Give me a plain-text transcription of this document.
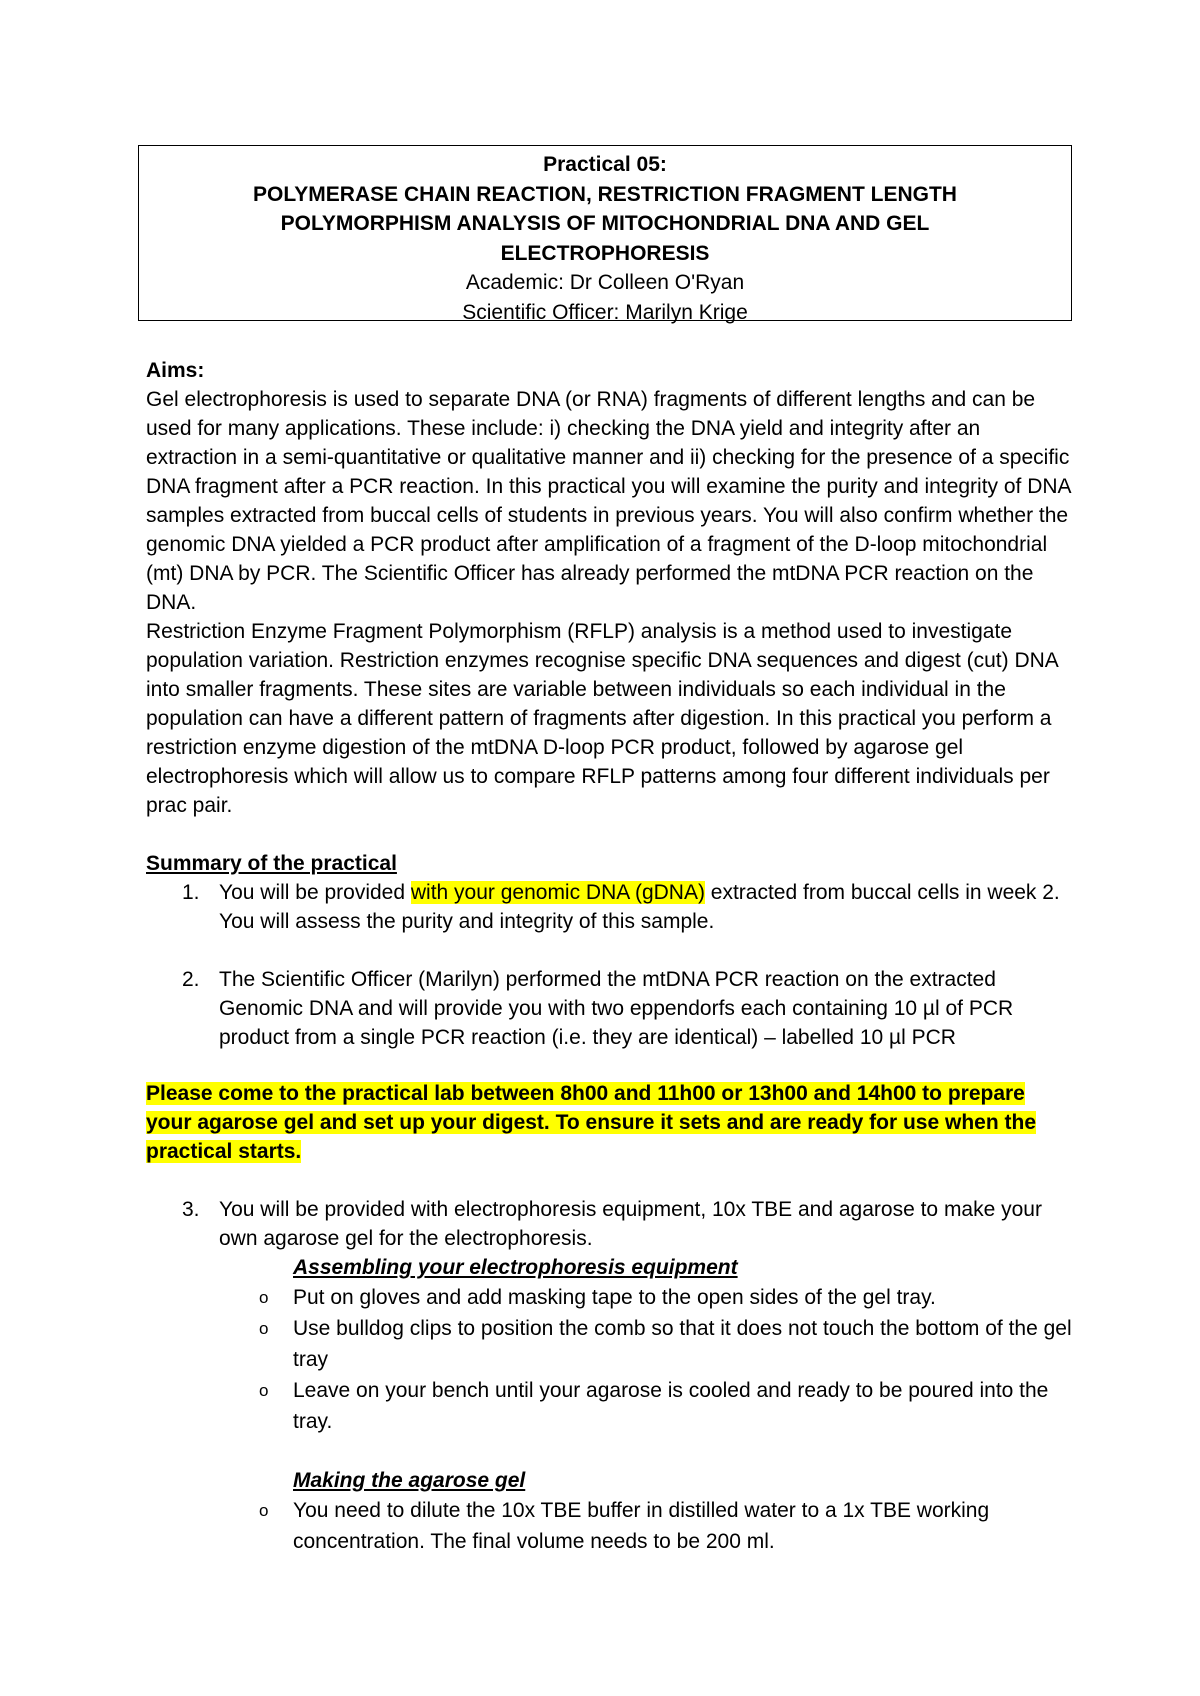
Practical 05:
POLYMERASE CHAIN REACTION, RESTRICTION FRAGMENT LENGTH
POLYMORPHISM ANALYSIS OF MITOCHONDRIAL DNA AND GEL
ELECTROPHORESIS
Academic: Dr Colleen O'Ryan
Scientific Officer: Marilyn Krige
Aims:

Gel electrophoresis is used to separate DNA (or RNA) fragments of different lengths and can be used for many applications. These include: i) checking the DNA yield and integrity after an extraction in a semi-quantitative or qualitative manner and ii) checking for the presence of a specific DNA fragment after a PCR reaction. In this practical you will examine the purity and integrity of DNA samples extracted from buccal cells of students in previous years. You will also confirm whether the genomic DNA yielded a PCR product after amplification of a fragment of the D-loop mitochondrial (mt) DNA by PCR. The Scientific Officer has already performed the mtDNA PCR reaction on the DNA.

Restriction Enzyme Fragment Polymorphism (RFLP) analysis is a method used to investigate population variation. Restriction enzymes recognise specific DNA sequences and digest (cut) DNA into smaller fragments. These sites are variable between individuals so each individual in the population can have a different pattern of fragments after digestion. In this practical you perform a restriction enzyme digestion of the mtDNA D-loop PCR product, followed by agarose gel electrophoresis which will allow us to compare RFLP patterns among four different individuals per prac pair.

Summary of the practical
1. You will be provided with your genomic DNA (gDNA) extracted from buccal cells in week 2. You will assess the purity and integrity of this sample.
2. The Scientific Officer (Marilyn) performed the mtDNA PCR reaction on the extracted Genomic DNA and will provide you with two eppendorfs each containing 10 µl of PCR product from a single PCR reaction (i.e. they are identical) – labelled 10 µl PCR
Please come to the practical lab between 8h00 and 11h00 or 13h00 and 14h00 to prepare your agarose gel and set up your digest. To ensure it sets and are ready for use when the practical starts.
3. You will be provided with electrophoresis equipment, 10x TBE and agarose to make your own agarose gel for the electrophoresis.
Assembling your electrophoresis equipment
o Put on gloves and add masking tape to the open sides of the gel tray.
o Use bulldog clips to position the comb so that it does not touch the bottom of the gel tray
o Leave on your bench until your agarose is cooled and ready to be poured into the tray.
Making the agarose gel
o You need to dilute the 10x TBE buffer in distilled water to a 1x TBE working concentration. The final volume needs to be 200 ml.
